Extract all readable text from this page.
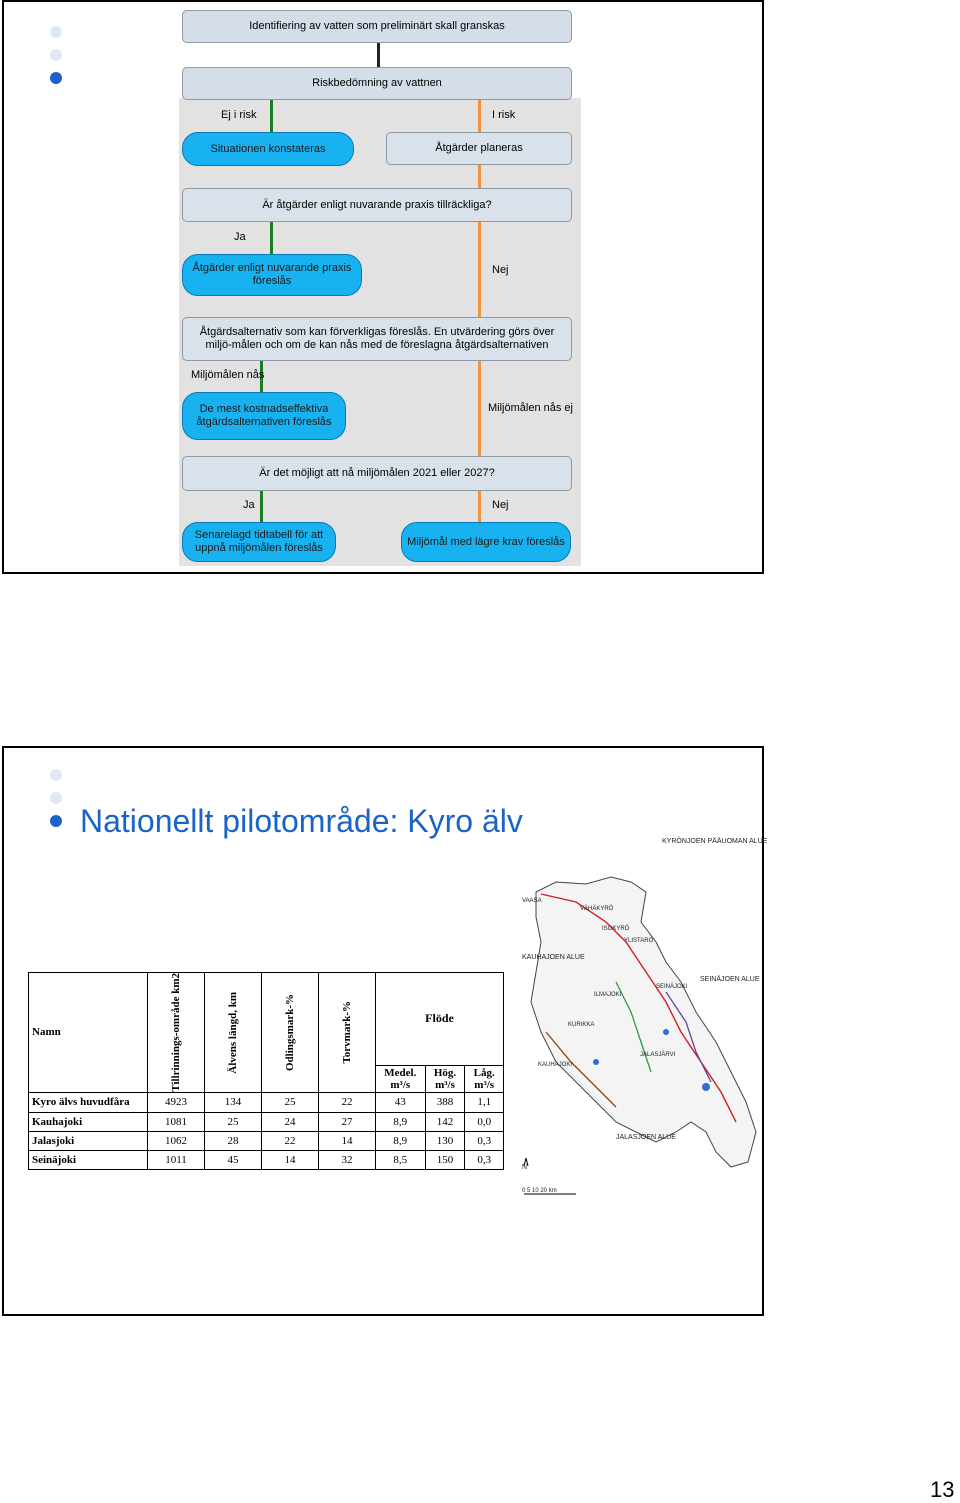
Identifiering av vatten som preliminärt skall granskas
Riskbedömning av vattnen
Ej i risk	I risk
Situationen konstateras	Åtgärder planeras
Är åtgärder enligt nuvarande praxis tillräckliga?
Ja
Åtgärder enligt nuvarande praxis föreslås
Nej
Åtgärdsalternativ som kan förverkligas föreslås. En utvärdering görs över miljö-målen och om de kan nås med de föreslagna åtgärdsalternativen
Miljömålen nås
De mest kostnadseffektiva åtgärdsalternativen föreslås
Miljömålen nås ej
Är det möjligt att nå miljömålen 2021 eller 2027?
Ja	Nej
Senarelagd tidtabell för att uppnå miljömålen föreslås
Miljömål med lägre krav föreslås
Nationellt pilotområde: Kyro älv
Namn	Tillrinnings-område km2	Älvens längd, km	Odlingsmark-%	Torvmark-%	Flöde		
					Medel. m³/s	Hög. m³/s	Låg. m³/s
Kyro älvs huvudfåra	4923	134	25	22	43	388	1,1
Kauhajoki	1081	25	24	27	8,9	142	0,0
Jalasjoki	1062	28	22	14	8,9	130	0,3
Seinäjoki	1011	45	14	32	8,5	150	0,3
KYRÖNJOEN PÄÄUOMAN ALUE
KAUHAJOEN ALUE
SEINÄJOEN ALUE
JALASJOEN ALUE
VAASA
VÄHÄKYRÖ
ISOKYRÖ
YLISTARO
ILMAJOKI
SEINÄJOKI
KURIKKA
KAUHAJOKI
JALASJÄRVI
N
0 5 10 20 km
13
